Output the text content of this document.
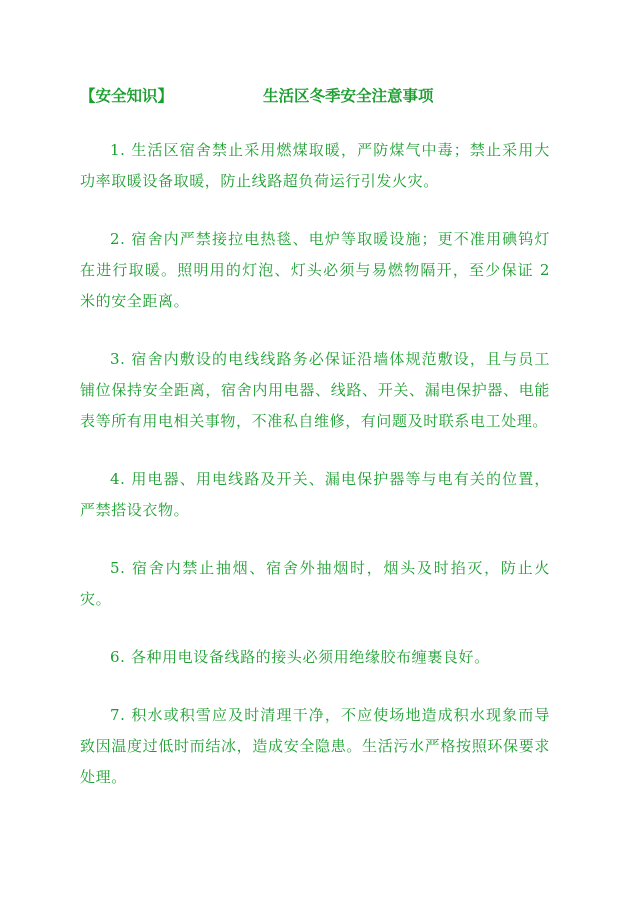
【安全知识】	生活区冬季安全注意事项

1. 生活区宿舍禁止采用燃煤取暖，严防煤气中毒；禁止采用大功率取暖设备取暖，防止线路超负荷运行引发火灾。

2. 宿舍内严禁接拉电热毯、电炉等取暖设施；更不准用碘钨灯在进行取暖。照明用的灯泡、灯头必须与易燃物隔开，至少保证 2 米的安全距离。

3. 宿舍内敷设的电线线路务必保证沿墙体规范敷设，且与员工铺位保持安全距离，宿舍内用电器、线路、开关、漏电保护器、电能表等所有用电相关事物，不准私自维修，有问题及时联系电工处理。

4. 用电器、用电线路及开关、漏电保护器等与电有关的位置，严禁搭设衣物。

5. 宿舍内禁止抽烟、宿舍外抽烟时，烟头及时掐灭，防止火灾。

6. 各种用电设备线路的接头必须用绝缘胶布缠裹良好。

7. 积水或积雪应及时清理干净，不应使场地造成积水现象而导致因温度过低时而结冰，造成安全隐患。生活污水严格按照环保要求处理。
